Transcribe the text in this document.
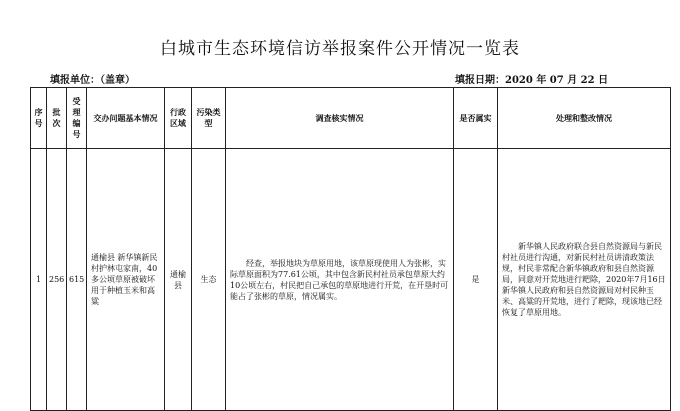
白城市生态环境信访举报案件公开情况一览表
填报单位：（盖章）	填报日期：2020 年 07 月 22 日
序号	批次	受理编号	交办问题基本情况	行政区域	污染类型	调查核实情况	是否属实	处理和整改情况
1	256	615	通榆县 新华镇新民村护林屯家南，40多公顷草原被破坏用于种植玉米和高粱	通榆县	生态	经查，举报地块为草原用地，该草原现使用人为张彬，实际草原面积为77.61公顷，其中包含新民村社员承包草原大约10公顷左右，村民把自己承包的草原地进行开荒，在开垦时可能占了张彬的草原，情况属实。	是	新华镇人民政府联合县自然资源局与新民村社员进行沟通，对新民村社员讲清政策法规，村民非常配合新华镇政府和县自然资源局，同意对开荒地进行耙除，2020年7月16日新华镇人民政府和县自然资源局对村民种玉米、高粱的开荒地，进行了耙除，现该地已经恢复了草原用地。
